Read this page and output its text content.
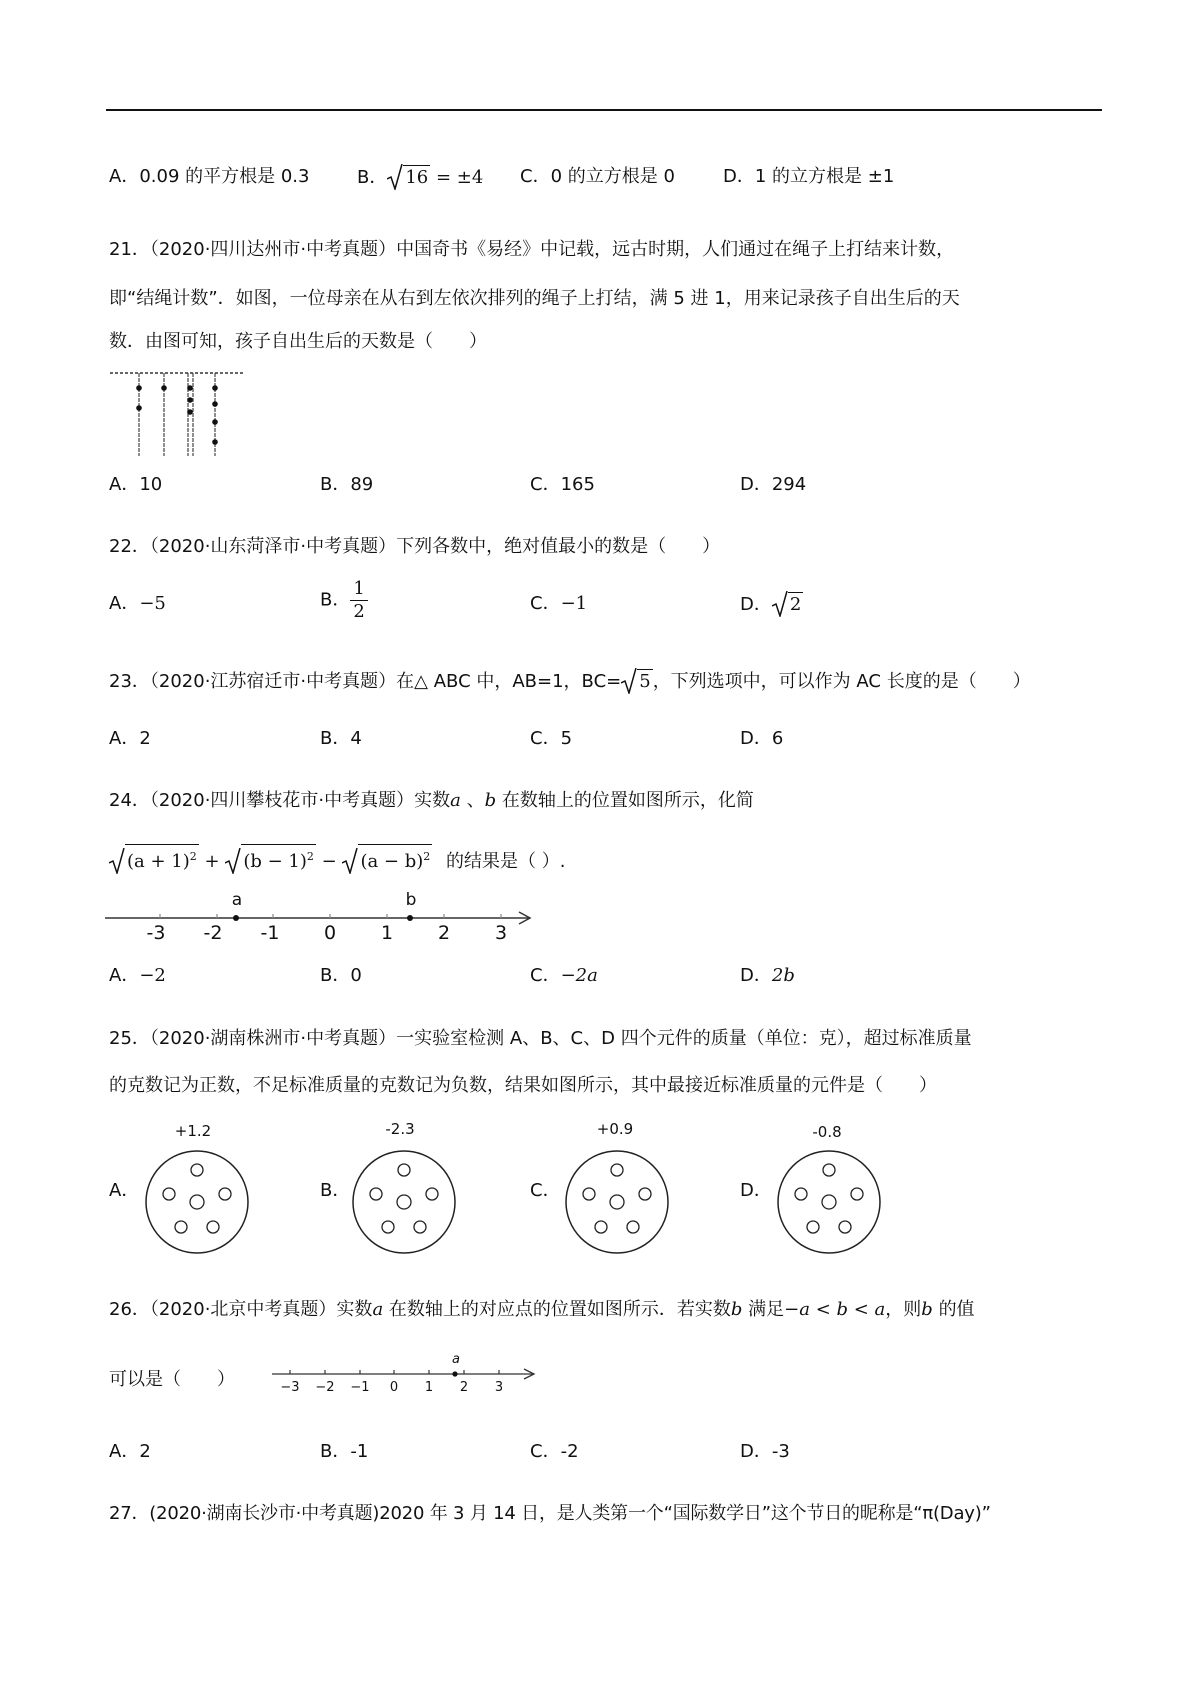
A．0.09 的平方根是 0.3	B． 16 = ±4 C．0 的立方根是 0	D．1 的立方根是 ±1
21．（2020·四川达州市·中考真题）中国奇书《易经》中记载，远古时期，人们通过在绳子上打结来计数，
即“结绳计数”．如图，一位母亲在从右到左依次排列的绳子上打结，满 5 进 1，用来记录孩子自出生后的天
数．由图可知，孩子自出生后的天数是（　　）
A．10	B．89	C．165	D．294
22．（2020·山东菏泽市·中考真题）下列各数中，绝对值最小的数是（　　）
A．−5	B． $\frac{1}{2}$	C．−1	D． 2
23．（2020·江苏宿迁市·中考真题）在△ ABC 中，AB=1，BC= 5 ，下列选项中，可以作为 AC 长度的是（　　）
A．2	B．4	C．5	D．6
24．（2020·四川攀枝花市·中考真题）实数a 、b 在数轴上的位置如图所示，化简
$(a + 1)^2 + (b - 1)^2 - (a - b)^2$ 的结果是（ ）.
-3 -2 -1 0 1 2 3
a	b
A．−2	B．0	C．−2a	D．2b
25．（2020·湖南株洲市·中考真题）一实验室检测 A、B、C、D 四个元件的质量（单位：克），超过标准质量
的克数记为正数，不足标准质量的克数记为负数，结果如图所示，其中最接近标准质量的元件是（　　）
A．
+1.2
B．
-2.3
C．
+0.9
D．
-0.8
26．（2020·北京中考真题）实数a 在数轴上的对应点的位置如图所示．若实数b 满足−a < b < a，则b 的值
可以是（　　）	−3 −2 −1 0 1 2 3
a
A．2	B．-1	C．-2	D．-3
27．(2020·湖南长沙市·中考真题)2020 年 3 月 14 日，是人类第一个“国际数学日”这个节日的昵称是“π(Day)”
